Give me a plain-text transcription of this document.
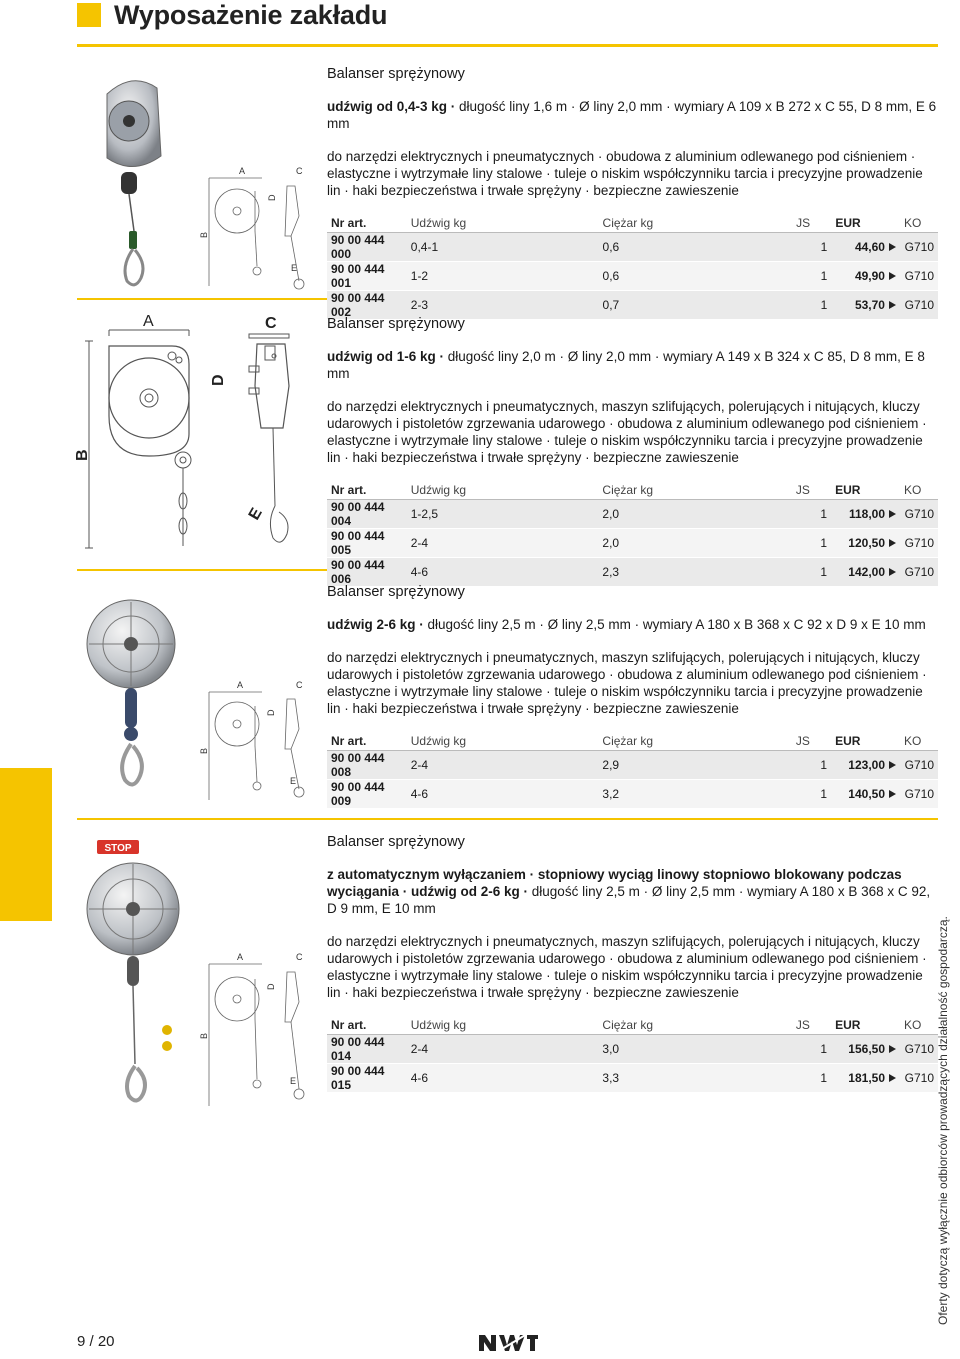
Wyposażenie zakładu
A	C
D
B
E
Balanser sprężynowy

udźwig od 0,4-3 kg · długość liny 1,6 m · Ø liny 2,0 mm · wymiary A 109 x B 272 x C 55, D 8 mm, E 6 mm

do narzędzi elektrycznych i pneumatycznych · obudowa z aluminium odlewanego pod ciśnieniem · elastyczne i wytrzymałe liny stalowe · tuleje o niskim współczynniku tarcia i precyzyjne prowadzenie lin · haki bezpieczeństwa i trwałe sprężyny · bezpieczne zawieszenie

Nr art.	Udźwig kg	Ciężar kg	JS	EUR	KO
90 00 444 000	0,4-1	0,6	1	44,60	G710
90 00 444 001	1-2	0,6	1	49,90	G710
90 00 444 002	2-3	0,7	1	53,70	G710
A	C
D
B
E
Balanser sprężynowy

udźwig od 1-6 kg · długość liny 2,0 m · Ø liny 2,0 mm · wymiary A 149 x B 324 x C 85, D 8 mm, E 8 mm

do narzędzi elektrycznych i pneumatycznych, maszyn szlifujących, polerujących i nitujących, kluczy udarowych i pistoletów zgrzewania udarowego · obudowa z aluminium odlewanego pod ciśnieniem · elastyczne i wytrzymałe liny stalowe · tuleje o niskim współczynniku tarcia i precyzyjne prowadzenie lin · haki bezpieczeństwa i trwałe sprężyny · bezpieczne zawieszenie

Nr art.	Udźwig kg	Ciężar kg	JS	EUR	KO
90 00 444 004	1-2,5	2,0	1	118,00	G710
90 00 444 005	2-4	2,0	1	120,50	G710
90 00 444 006	4-6	2,3	1	142,00	G710
A	C
D
B
E
Balanser sprężynowy

udźwig 2-6 kg · długość liny 2,5 m · Ø liny 2,5 mm · wymiary A 180 x B 368 x C 92 x D 9 x E 10 mm

do narzędzi elektrycznych i pneumatycznych, maszyn szlifujących, polerujących i nitujących, kluczy udarowych i pistoletów zgrzewania udarowego · obudowa z aluminium odlewanego pod ciśnieniem · elastyczne i wytrzymałe liny stalowe · tuleje o niskim współczynniku tarcia i precyzyjne prowadzenie lin · haki bezpieczeństwa i trwałe sprężyny · bezpieczne zawieszenie

Nr art.	Udźwig kg	Ciężar kg	JS	EUR	KO
90 00 444 008	2-4	2,9	1	123,00	G710
90 00 444 009	4-6	3,2	1	140,50	G710
STOP
A	C
D
B
E
Balanser sprężynowy

z automatycznym wyłączaniem · stopniowy wyciąg linowy stopniowo blokowany podczas wyciągania · udźwig od 2-6 kg · długość liny 2,5 m · Ø liny 2,5 mm · wymiary A 180 x B 368 x C 92, D 9 mm, E 10 mm

do narzędzi elektrycznych i pneumatycznych, maszyn szlifujących, polerujących i nitujących, kluczy udarowych i pistoletów zgrzewania udarowego · obudowa z aluminium odlewanego pod ciśnieniem · elastyczne i wytrzymałe liny stalowe · tuleje o niskim współczynniku tarcia i precyzyjne prowadzenie lin · haki bezpieczeństwa i trwałe sprężyny · bezpieczne zawieszenie

Nr art.	Udźwig kg	Ciężar kg	JS	EUR	KO
90 00 444 014	2-4	3,0	1	156,50	G710
90 00 444 015	4-6	3,3	1	181,50	G710 Oferty dotyczą wyłącznie odbiorców prowadzących działalność gospodarczą.
9 / 20
